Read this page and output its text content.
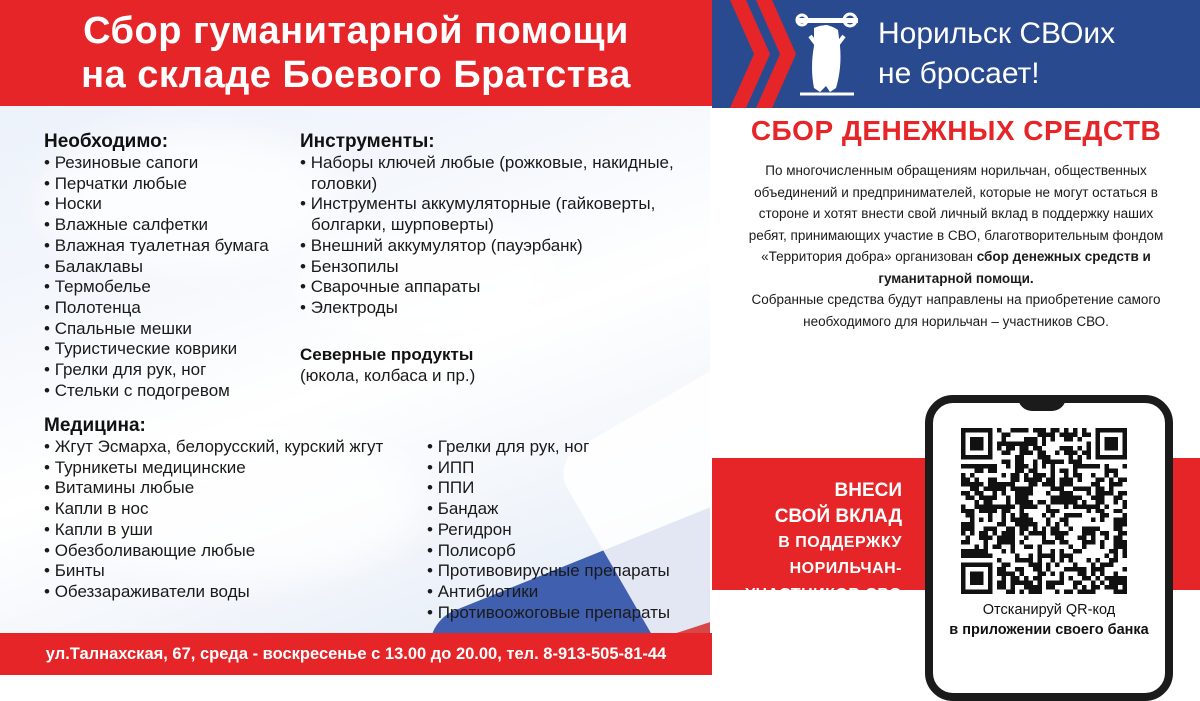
Сбор гуманитарной помощи
на складе Боевого Братства
Норильск СВОих
не бросает!
Необходимо:
• Резиновые сапоги
• Перчатки любые
• Носки
• Влажные салфетки
• Влажная туалетная бумага
• Балаклавы
• Термобелье
• Полотенца
• Спальные мешки
• Туристические коврики
• Грелки для рук, ног
• Стельки с подогревом
Инструменты:
• Наборы ключей любые (рожковые, накидные,
головки)
• Инструменты аккумуляторные (гайковерты,
болгарки, шурповерты)
• Внешний аккумулятор (пауэрбанк)
• Бензопилы
• Сварочные аппараты
• Электроды
Северные продукты
(юкола, колбаса и пр.)
Медицина:
• Жгут Эсмарха, белорусский, курский жгут
• Турникеты медицинские
• Витамины любые
• Капли в нос
• Капли в уши
• Обезболивающие любые
• Бинты
• Обеззараживатели воды
• Грелки для рук, ног
• ИПП
• ППИ
• Бандаж
• Регидрон
• Полисорб
• Противовирусные препараты
• Антибиотики
• Противоожоговые препараты
ул.Талнахская, 67, среда - воскресенье с 13.00 до 20.00, тел. 8-913-505-81-44
СБОР ДЕНЕЖНЫХ СРЕДСТВ
По многочисленным обращениям норильчан, общественных объединений и предпринимателей, которые не могут остаться в стороне и хотят внести свой личный вклад в поддержку наших ребят, принимающих участие в СВО, благотворительным фондом «Территория добра» организован сбор денежных средств и гуманитарной помощи.
Собранные средства будут направлены на приобретение самого необходимого для норильчан – участников СВО.
ВНЕСИ
СВОЙ ВКЛАД
В ПОДДЕРЖКУ
НОРИЛЬЧАН-
УЧАСТНИКОВ СВО
Отсканируй QR-код
в приложении своего банка
